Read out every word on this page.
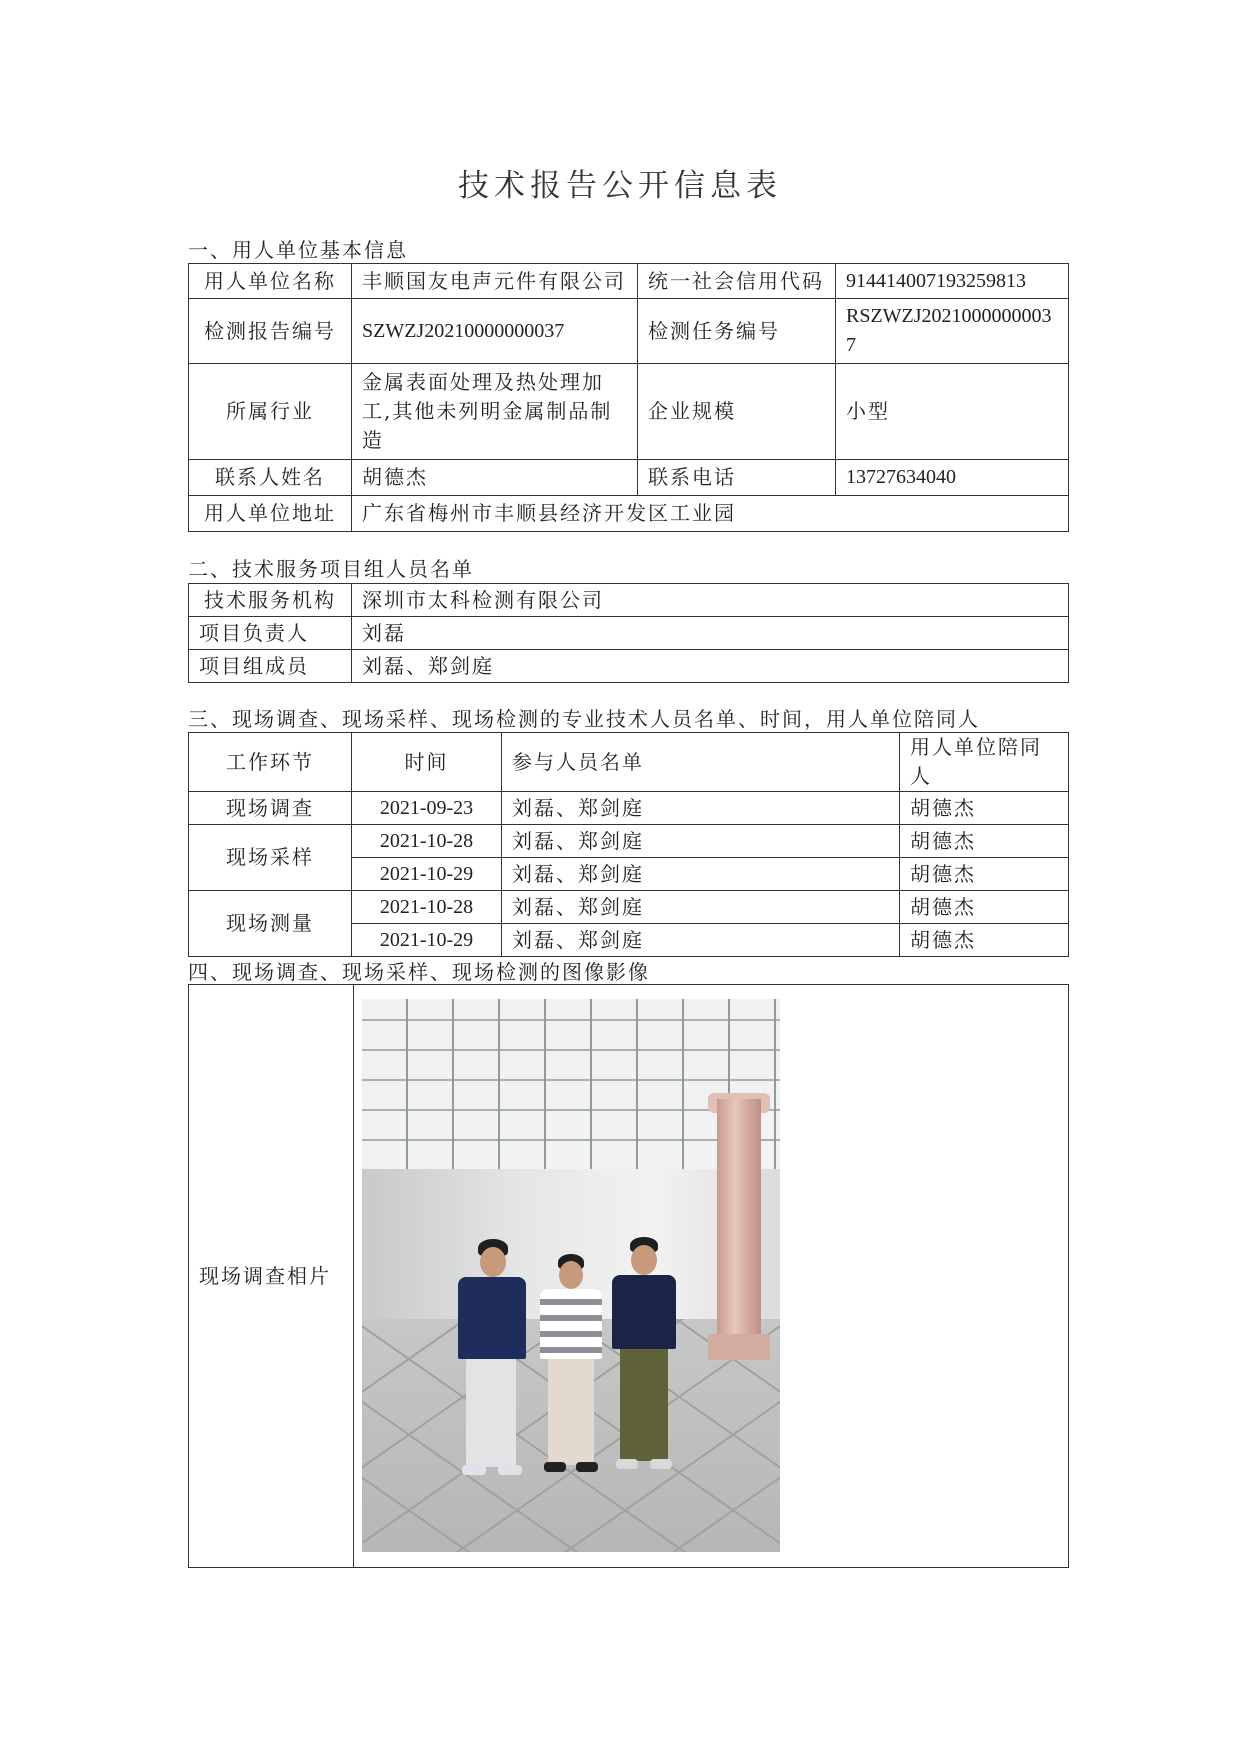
技术报告公开信息表
一、用人单位基本信息
用人单位名称	丰顺国友电声元件有限公司	统一社会信用代码	914414007193259813
检测报告编号	SZWZJ20210000000037	检测任务编号	RSZWZJ20210000000037
所属行业	金属表面处理及热处理加工,其他未列明金属制品制造	企业规模	小型
联系人姓名	胡德杰	联系电话	13727634040
用人单位地址	广东省梅州市丰顺县经济开发区工业园		
二、技术服务项目组人员名单
技术服务机构	深圳市太科检测有限公司
项目负责人	刘磊
项目组成员	刘磊、郑剑庭
三、现场调查、现场采样、现场检测的专业技术人员名单、时间，用人单位陪同人
工作环节	时间	参与人员名单	用人单位陪同人
现场调查	2021-09-23	刘磊、郑剑庭	胡德杰
现场采样	2021-10-28	刘磊、郑剑庭	胡德杰
	2021-10-29	刘磊、郑剑庭	胡德杰
现场测量	2021-10-28	刘磊、郑剑庭	胡德杰
	2021-10-29	刘磊、郑剑庭	胡德杰
四、现场调查、现场采样、现场检测的图像影像
现场调查相片	
